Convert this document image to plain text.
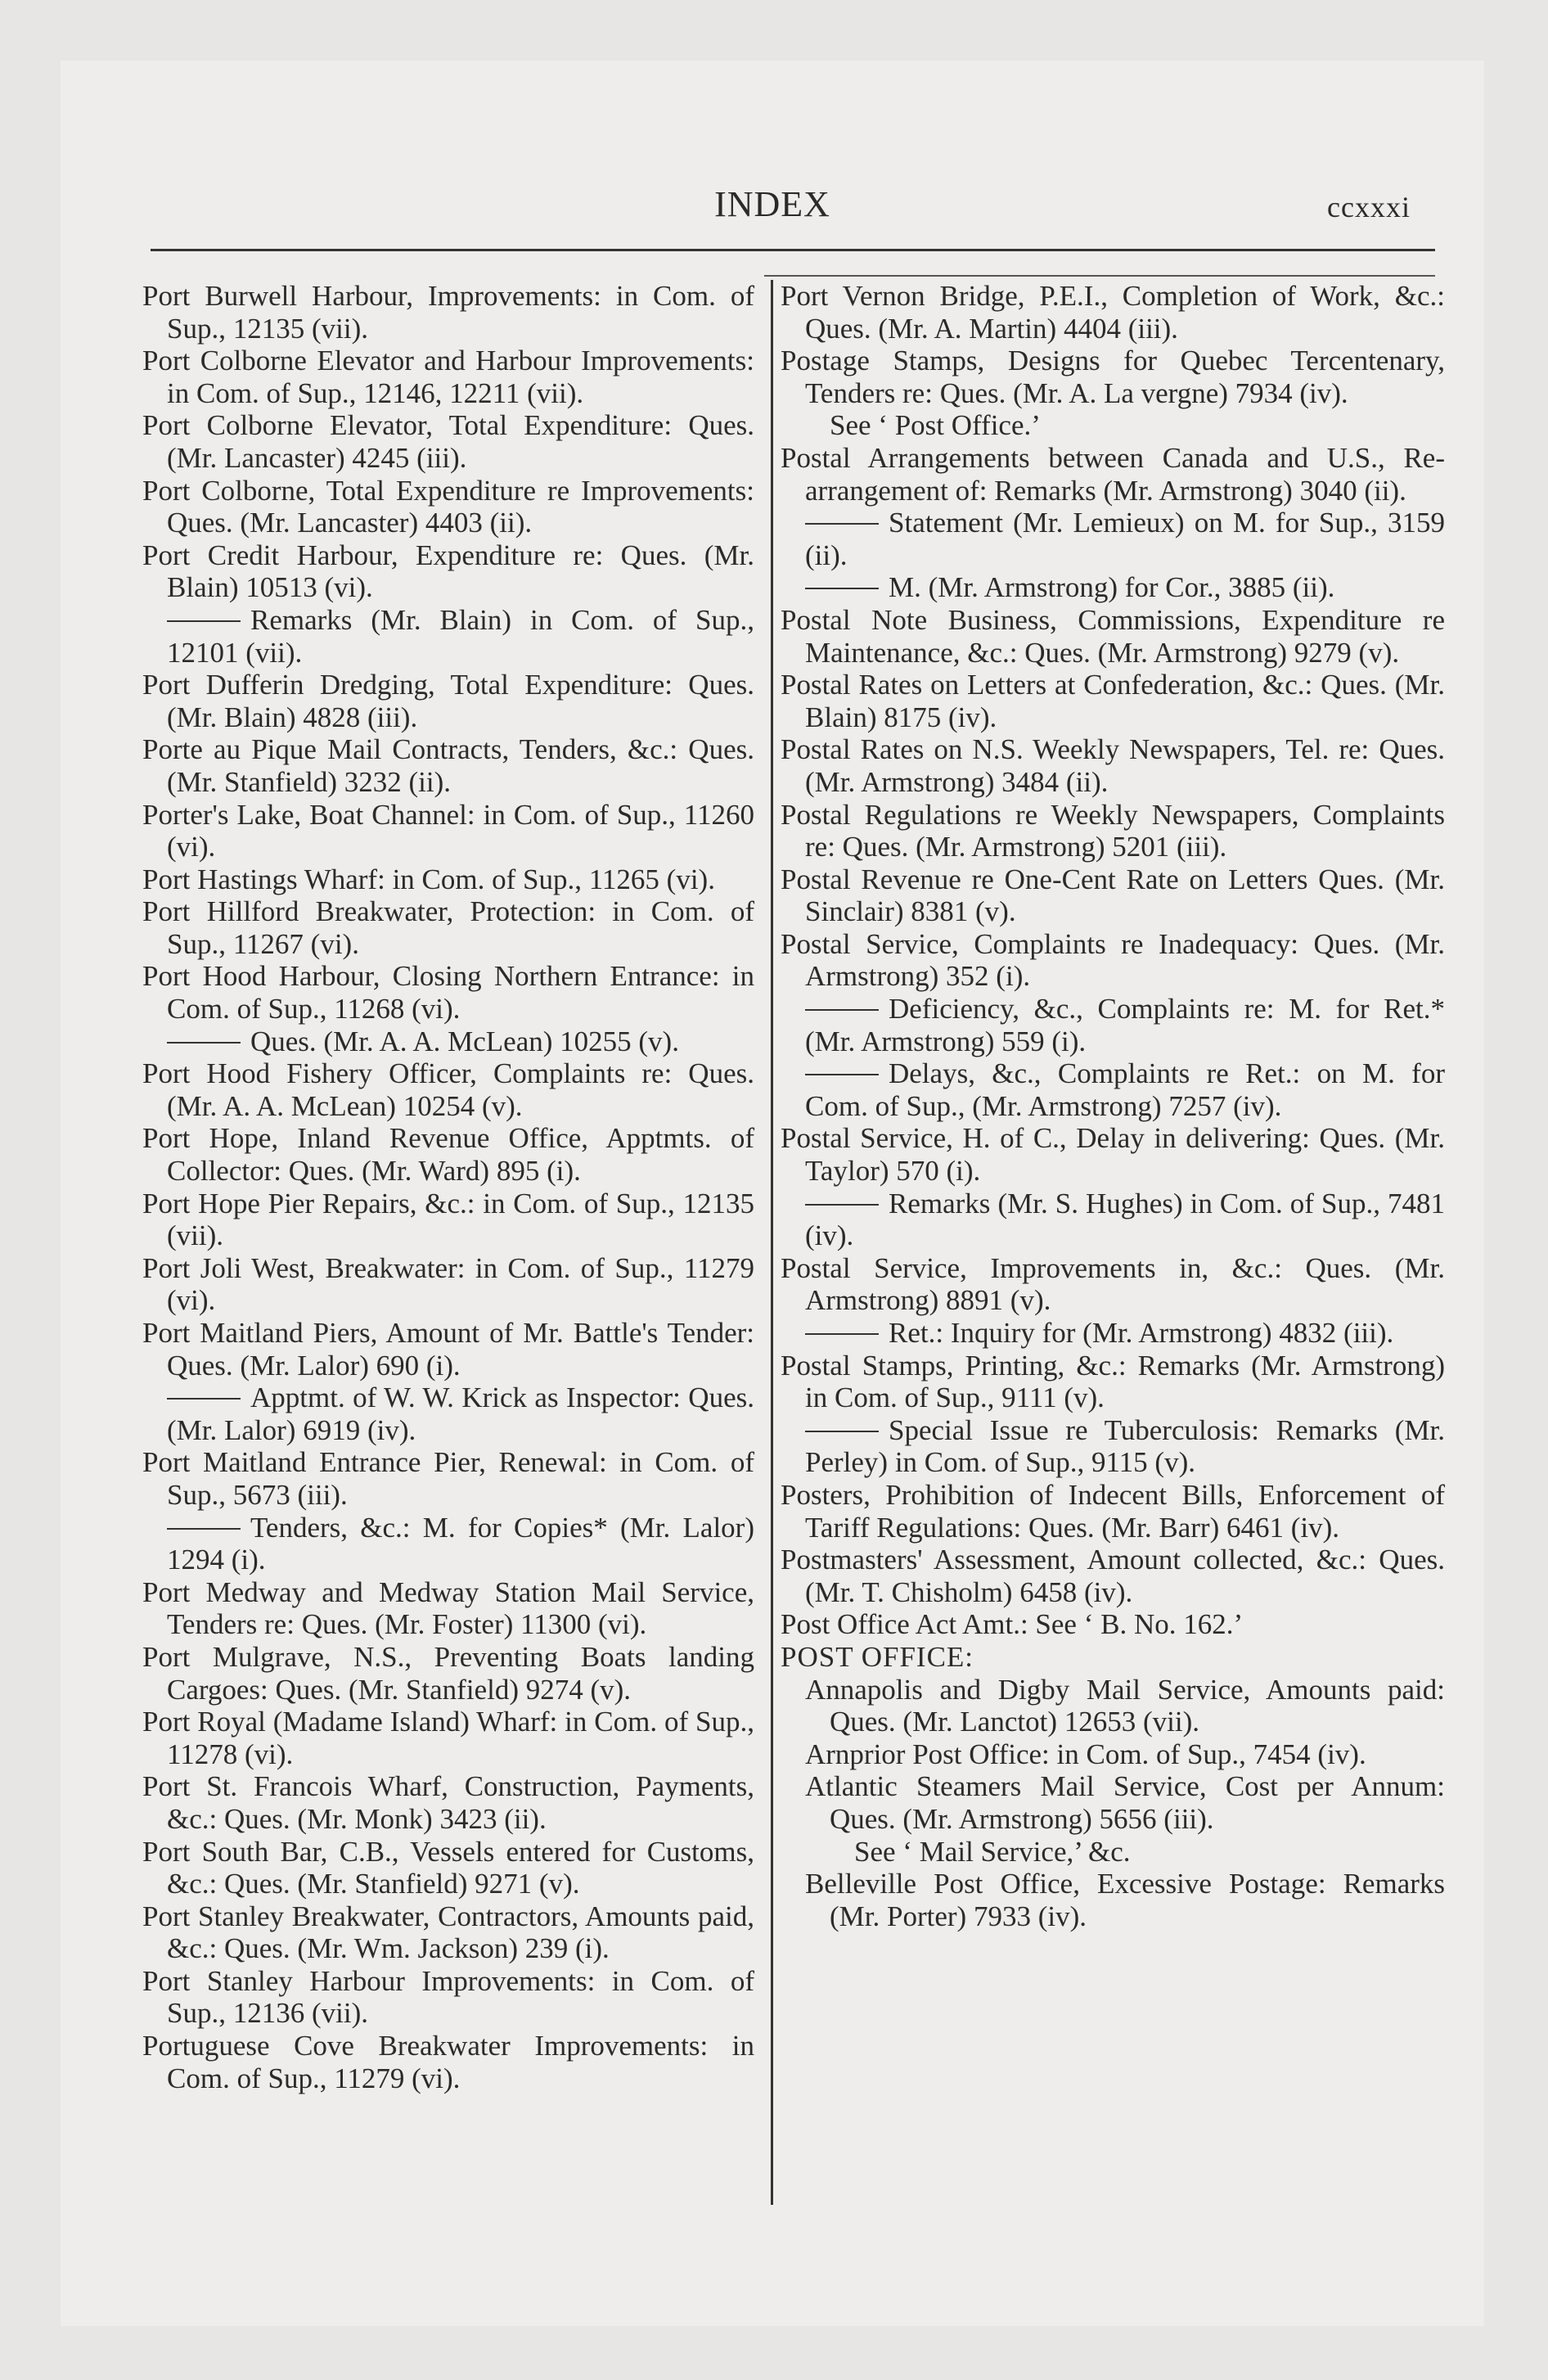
INDEX	ccxxxi

Port Burwell Harbour, Improvements: in Com. of Sup., 12135 (vii).

Port Colborne Elevator and Harbour Improvements: in Com. of Sup., 12146, 12211 (vii).

Port Colborne Elevator, Total Expenditure: Ques. (Mr. Lancaster) 4245 (iii).

Port Colborne, Total Expenditure re Improvements: Ques. (Mr. Lancaster) 4403 (ii).

Port Credit Harbour, Expenditure re: Ques. (Mr. Blain) 10513 (vi).

Remarks (Mr. Blain) in Com. of Sup., 12101 (vii).

Port Dufferin Dredging, Total Expenditure: Ques. (Mr. Blain) 4828 (iii).

Porte au Pique Mail Contracts, Tenders, &c.: Ques. (Mr. Stanfield) 3232 (ii).

Porter's Lake, Boat Channel: in Com. of Sup., 11260 (vi).

Port Hastings Wharf: in Com. of Sup., 11265 (vi).

Port Hillford Breakwater, Protection: in Com. of Sup., 11267 (vi).

Port Hood Harbour, Closing Northern Entrance: in Com. of Sup., 11268 (vi).

Ques. (Mr. A. A. McLean) 10255 (v).

Port Hood Fishery Officer, Complaints re: Ques. (Mr. A. A. McLean) 10254 (v).

Port Hope, Inland Revenue Office, Apptmts. of Collector: Ques. (Mr. Ward) 895 (i).

Port Hope Pier Repairs, &c.: in Com. of Sup., 12135 (vii).

Port Joli West, Breakwater: in Com. of Sup., 11279 (vi).

Port Maitland Piers, Amount of Mr. Battle's Tender: Ques. (Mr. Lalor) 690 (i).

Apptmt. of W. W. Krick as Inspector: Ques. (Mr. Lalor) 6919 (iv).

Port Maitland Entrance Pier, Renewal: in Com. of Sup., 5673 (iii).

Tenders, &c.: M. for Copies* (Mr. Lalor) 1294 (i).

Port Medway and Medway Station Mail Service, Tenders re: Ques. (Mr. Foster) 11300 (vi).

Port Mulgrave, N.S., Preventing Boats landing Cargoes: Ques. (Mr. Stanfield) 9274 (v).

Port Royal (Madame Island) Wharf: in Com. of Sup., 11278 (vi).

Port St. Francois Wharf, Construction, Payments, &c.: Ques. (Mr. Monk) 3423 (ii).

Port South Bar, C.B., Vessels entered for Customs, &c.: Ques. (Mr. Stanfield) 9271 (v).

Port Stanley Breakwater, Contractors, Amounts paid, &c.: Ques. (Mr. Wm. Jackson) 239 (i).

Port Stanley Harbour Improvements: in Com. of Sup., 12136 (vii).

Portuguese Cove Breakwater Improvements: in Com. of Sup., 11279 (vi).

Port Vernon Bridge, P.E.I., Completion of Work, &c.: Ques. (Mr. A. Martin) 4404 (iii).

Postage Stamps, Designs for Quebec Tercentenary, Tenders re: Ques. (Mr. A. La vergne) 7934 (iv).

See ‘ Post Office.’

Postal Arrangements between Canada and U.S., Re-arrangement of: Remarks (Mr. Armstrong) 3040 (ii).

Statement (Mr. Lemieux) on M. for Sup., 3159 (ii).

M. (Mr. Armstrong) for Cor., 3885 (ii).

Postal Note Business, Commissions, Expenditure re Maintenance, &c.: Ques. (Mr. Armstrong) 9279 (v).

Postal Rates on Letters at Confederation, &c.: Ques. (Mr. Blain) 8175 (iv).

Postal Rates on N.S. Weekly Newspapers, Tel. re: Ques. (Mr. Armstrong) 3484 (ii).

Postal Regulations re Weekly Newspapers, Complaints re: Ques. (Mr. Armstrong) 5201 (iii).

Postal Revenue re One-Cent Rate on Letters Ques. (Mr. Sinclair) 8381 (v).

Postal Service, Complaints re Inadequacy: Ques. (Mr. Armstrong) 352 (i).

Deficiency, &c., Complaints re: M. for Ret.* (Mr. Armstrong) 559 (i).

Delays, &c., Complaints re Ret.: on M. for Com. of Sup., (Mr. Armstrong) 7257 (iv).

Postal Service, H. of C., Delay in delivering: Ques. (Mr. Taylor) 570 (i).

Remarks (Mr. S. Hughes) in Com. of Sup., 7481 (iv).

Postal Service, Improvements in, &c.: Ques. (Mr. Armstrong) 8891 (v).

Ret.: Inquiry for (Mr. Armstrong) 4832 (iii).

Postal Stamps, Printing, &c.: Remarks (Mr. Armstrong) in Com. of Sup., 9111 (v).

Special Issue re Tuberculosis: Remarks (Mr. Perley) in Com. of Sup., 9115 (v).

Posters, Prohibition of Indecent Bills, Enforcement of Tariff Regulations: Ques. (Mr. Barr) 6461 (iv).

Postmasters' Assessment, Amount collected, &c.: Ques. (Mr. T. Chisholm) 6458 (iv).

Post Office Act Amt.: See ‘ B. No. 162.’

POST OFFICE:

Annapolis and Digby Mail Service, Amounts paid: Ques. (Mr. Lanctot) 12653 (vii).

Arnprior Post Office: in Com. of Sup., 7454 (iv).

Atlantic Steamers Mail Service, Cost per Annum: Ques. (Mr. Armstrong) 5656 (iii).

See ‘ Mail Service,’ &c.

Belleville Post Office, Excessive Postage: Remarks (Mr. Porter) 7933 (iv).
